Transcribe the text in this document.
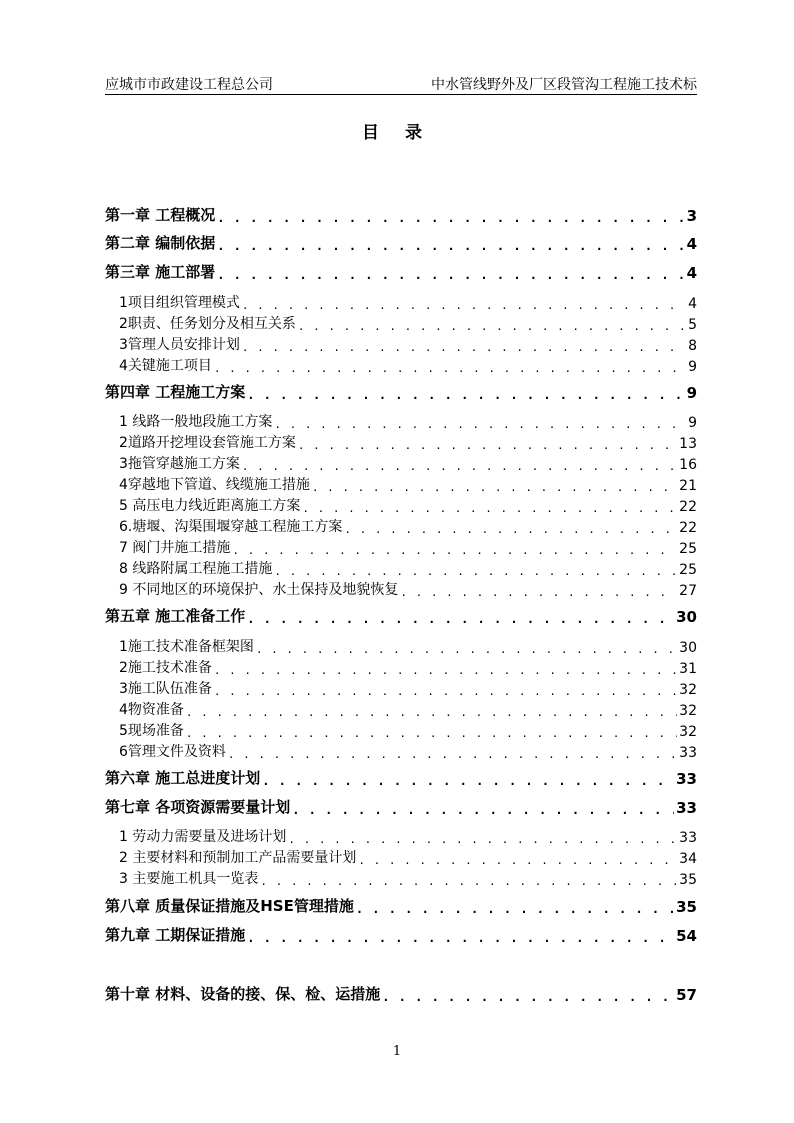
应城市市政建设工程总公司	中水管线野外及厂区段管沟工程施工技术标
目 录
第一章 工程概况 . . .	3
第二章 编制依据 . . .	4
第三章 施工部署 . . .	4
1项目组织管理模式 . . .	4
2职责、任务划分及相互关系 . . .	5
3管理人员安排计划 . . .	8
4关键施工项目 . . .	9
第四章 工程施工方案 . . .	9
1 线路一般地段施工方案 . . .	9
2道路开挖埋设套管施工方案 . . .	13
3拖管穿越施工方案 . . .	16
4穿越地下管道、线缆施工措施 . . .	21
5 高压电力线近距离施工方案 . . .	22
6.塘堰、沟渠围堰穿越工程施工方案 . . .	22
7 阀门井施工措施 . . .	25
8 线路附属工程施工措施 . . .	25
9 不同地区的环境保护、水土保持及地貌恢复 . . .	27
第五章 施工准备工作 . . .	30
1施工技术准备框架图 . . .	30
2施工技术准备 . . .	31
3施工队伍准备 . . .	32
4物资准备 . . .	32
5现场准备 . . .	32
6管理文件及资料 . . .	33
第六章 施工总进度计划 . . .	33
第七章 各项资源需要量计划 . . .	33
1 劳动力需要量及进场计划 . . .	33
2 主要材料和预制加工产品需要量计划 . . .	34
3 主要施工机具一览表 . . .	35
第八章 质量保证措施及HSE管理措施 . . .	35
第九章 工期保证措施 . . .	54
第十章 材料、设备的接、保、检、运措施 . . .	57
1
